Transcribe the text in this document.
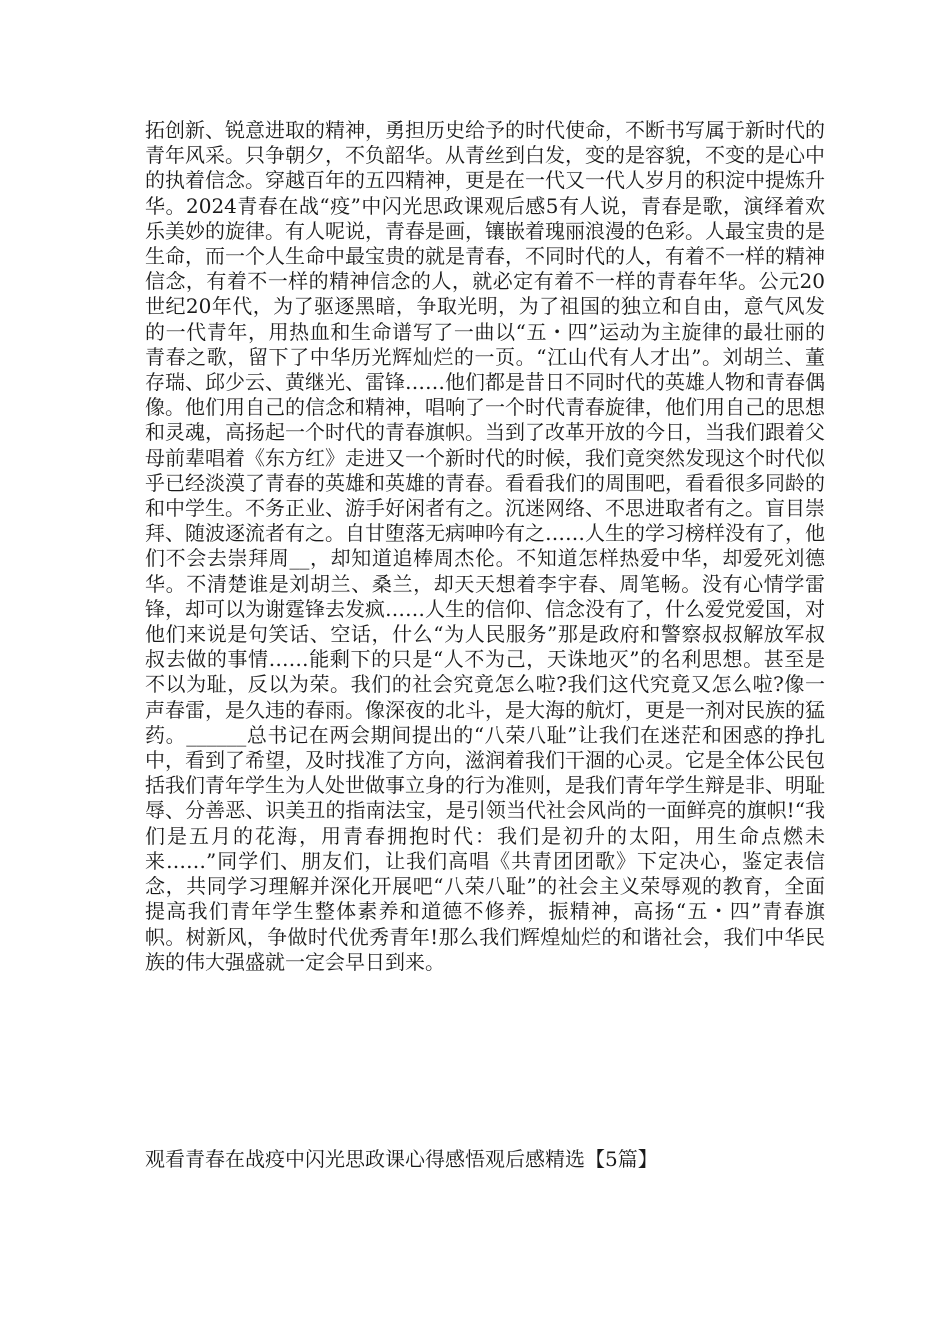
拓创新、锐意进取的精神，勇担历史给予的时代使命，不断书写属于新时代的青年风采。只争朝夕，不负韶华。从青丝到白发，变的是容貌，不变的是心中的执着信念。穿越百年的五四精神，更是在一代又一代人岁月的积淀中提炼升华。2024青春在战“疫”中闪光思政课观后感5有人说，青春是歌，演绎着欢乐美妙的旋律。有人呢说，青春是画，镶嵌着瑰丽浪漫的色彩。人最宝贵的是生命，而一个人生命中最宝贵的就是青春，不同时代的人，有着不一样的精神信念，有着不一样的精神信念的人，就必定有着不一样的青春年华。公元20世纪20年代，为了驱逐黑暗，争取光明，为了祖国的独立和自由，意气风发的一代青年，用热血和生命谱写了一曲以“五・四”运动为主旋律的最壮丽的青春之歌，留下了中华历光辉灿烂的一页。“江山代有人才出”。刘胡兰、董存瑞、邱少云、黄继光、雷锋……他们都是昔日不同时代的英雄人物和青春偶像。他们用自己的信念和精神，唱响了一个时代青春旋律，他们用自己的思想和灵魂，高扬起一个时代的青春旗帜。当到了改革开放的今日，当我们跟着父母前辈唱着《东方红》走进又一个新时代的时候，我们竟突然发现这个时代似乎已经淡漠了青春的英雄和英雄的青春。看看我们的周围吧，看看很多同龄的和中学生。不务正业、游手好闲者有之。沉迷网络、不思进取者有之。盲目崇拜、随波逐流者有之。自甘堕落无病呻吟有之……人生的学习榜样没有了，他们不会去崇拜周__，却知道追棒周杰伦。不知道怎样热爱中华，却爱死刘德华。不清楚谁是刘胡兰、桑兰，却天天想着李宇春、周笔畅。没有心情学雷锋，却可以为谢霆锋去发疯……人生的信仰、信念没有了，什么爱党爱国，对他们来说是句笑话、空话，什么“为人民服务”那是政府和警察叔叔解放军叔叔去做的事情……能剩下的只是“人不为己，天诛地灭”的名利思想。甚至是不以为耻，反以为荣。我们的社会究竟怎么啦?我们这代究竟又怎么啦?像一声春雷，是久违的春雨。像深夜的北斗，是大海的航灯，更是一剂对民族的猛药。______总书记在两会期间提出的“八荣八耻”让我们在迷茫和困惑的挣扎中，看到了希望，及时找准了方向，滋润着我们干涸的心灵。它是全体公民包括我们青年学生为人处世做事立身的行为准则，是我们青年学生辩是非、明耻辱、分善恶、识美丑的指南法宝，是引领当代社会风尚的一面鲜亮的旗帜!“我们是五月的花海，用青春拥抱时代：我们是初升的太阳，用生命点燃未来……”同学们、朋友们，让我们高唱《共青团团歌》下定决心，鉴定表信念，共同学习理解并深化开展吧“八荣八耻”的社会主义荣辱观的教育，全面提高我们青年学生整体素养和道德不修养，振精神，高扬“五・四”青春旗帜。树新风，争做时代优秀青年!那么我们辉煌灿烂的和谐社会，我们中华民族的伟大强盛就一定会早日到来。

观看青春在战疫中闪光思政课心得感悟观后感精选【5篇】
